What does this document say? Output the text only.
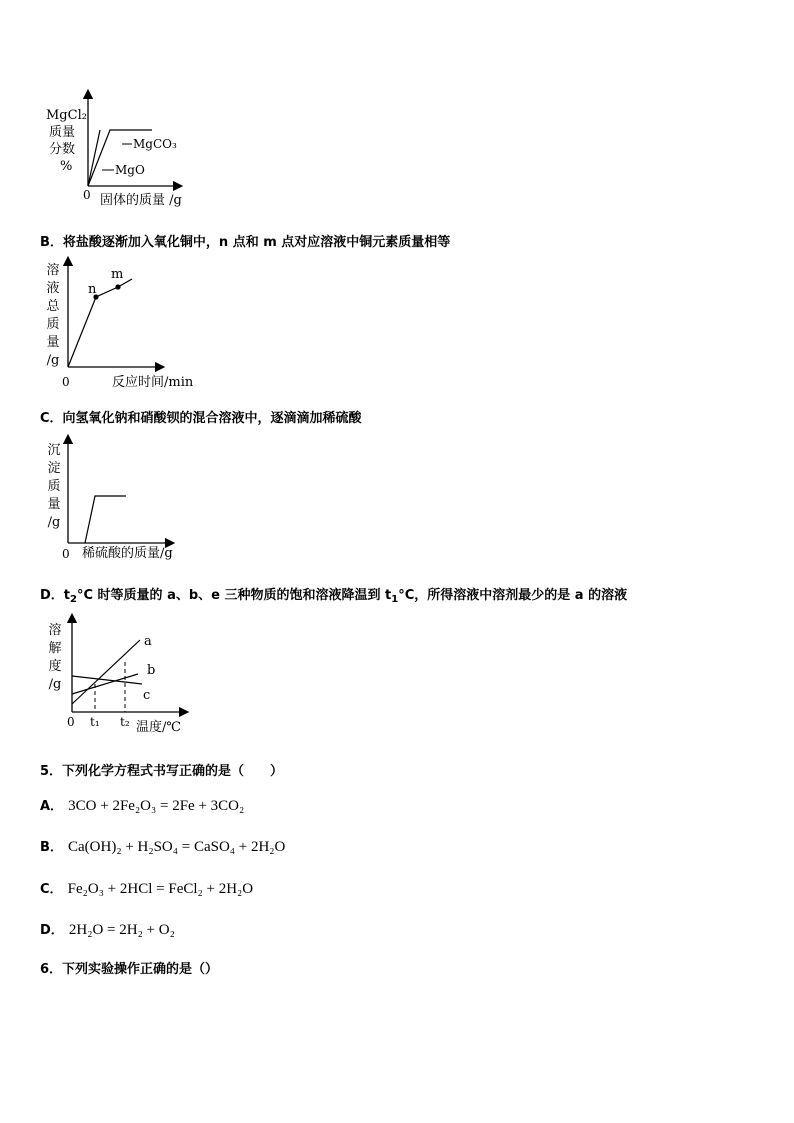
MgCl₂
质量
分数
%
MgCO₃
MgO
0 固体的质量 /g
B．将盐酸逐渐加入氧化铜中，n 点和 m 点对应溶液中铜元素质量相等
溶
液
总
质
量
/g
n
m
0	反应时间/min
C．向氢氧化钠和硝酸钡的混合溶液中，逐滴滴加稀硫酸
沉
淀
质
量
/g
0 稀硫酸的质量/g
D．$t_2^\circ C$ 时等质量的 a、b、e 三种物质的饱和溶液降温到 $t_1^\circ C$，所得溶液中溶剂最少的是 a 的溶液
溶
解
度
/g
a
b
c
0 t₁ t₂ 温度/℃
5．下列化学方程式书写正确的是（　　）
A． 3CO + 2Fe₂O₃ = 2Fe + 3CO₂
B． Ca(OH)₂ + H₂SO₄ = CaSO₄ + 2H₂O
C． Fe₂O₃ + 2HCl = FeCl₂ + 2H₂O
D． 2H₂O = 2H₂ + O₂
6．下列实验操作正确的是（）
